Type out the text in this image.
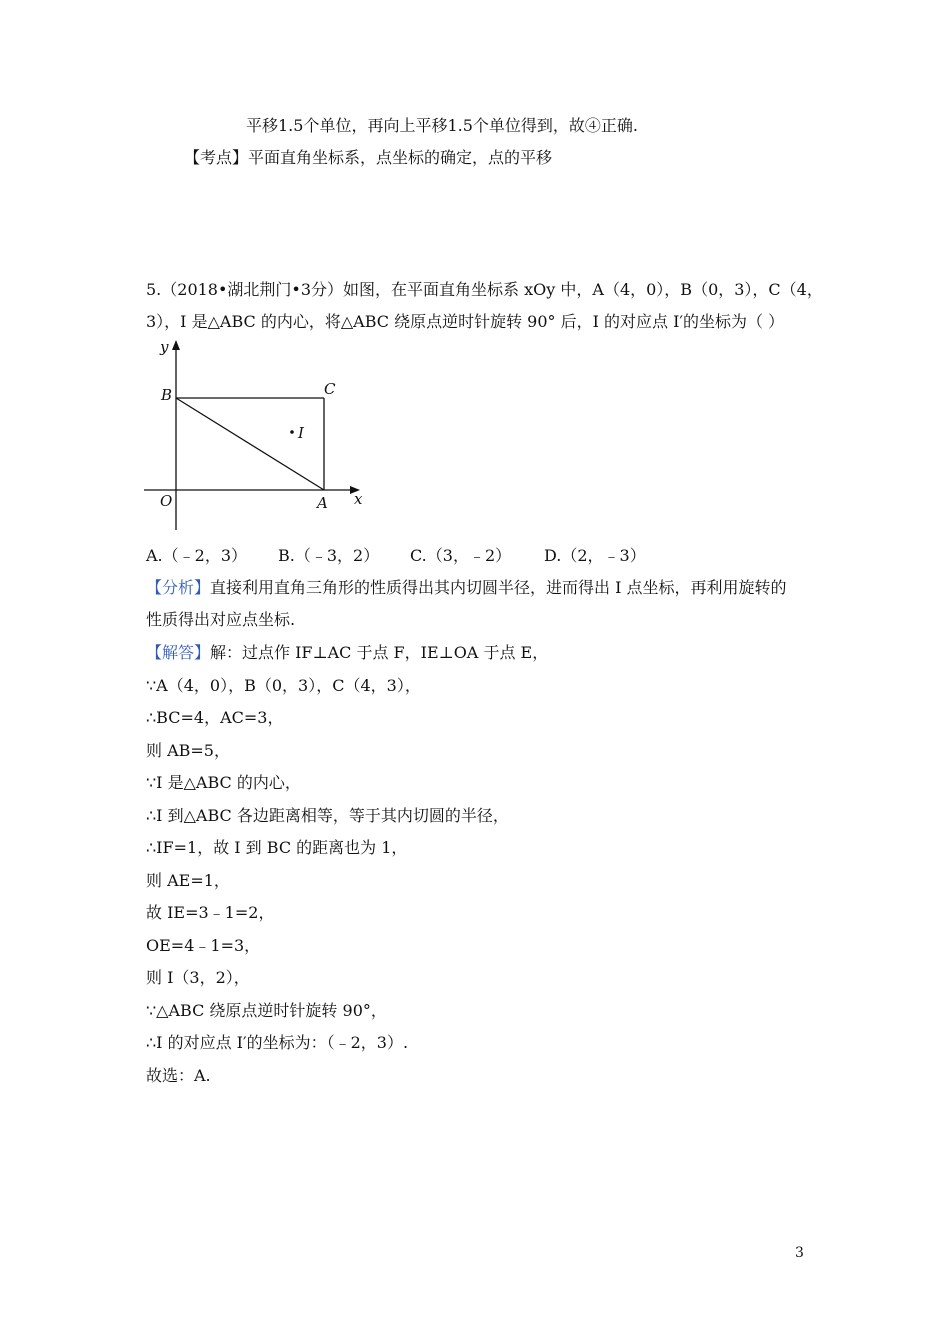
平移1.5个单位，再向上平移1.5个单位得到，故④正确.
【考点】平面直角坐标系，点坐标的确定，点的平移
5.（2018•湖北荆门•3分）如图，在平面直角坐标系 xOy 中，A（4，0），B（0，3），C（4，
3），I 是△ABC 的内心，将△ABC 绕原点逆时针旋转 90° 后，I 的对应点 I′的坐标为（ ）
y
x
O	A
B	C
I
A.（﹣2，3） B.（﹣3，2） C.（3，﹣2） D.（2，﹣3）
【分析】直接利用直角三角形的性质得出其内切圆半径，进而得出 I 点坐标，再利用旋转的
性质得出对应点坐标.
【解答】解：过点作 IF⊥AC 于点 F，IE⊥OA 于点 E，
∵A（4，0），B（0，3），C（4，3），
∴BC=4，AC=3，
则 AB=5，
∵I 是△ABC 的内心，
∴I 到△ABC 各边距离相等，等于其内切圆的半径，
∴IF=1，故 I 到 BC 的距离也为 1，
则 AE=1，
故 IE=3﹣1=2，
OE=4﹣1=3，
则 I（3，2），
∵△ABC 绕原点逆时针旋转 90°，
∴I 的对应点 I′的坐标为：（﹣2，3）.
故选：A.
3
